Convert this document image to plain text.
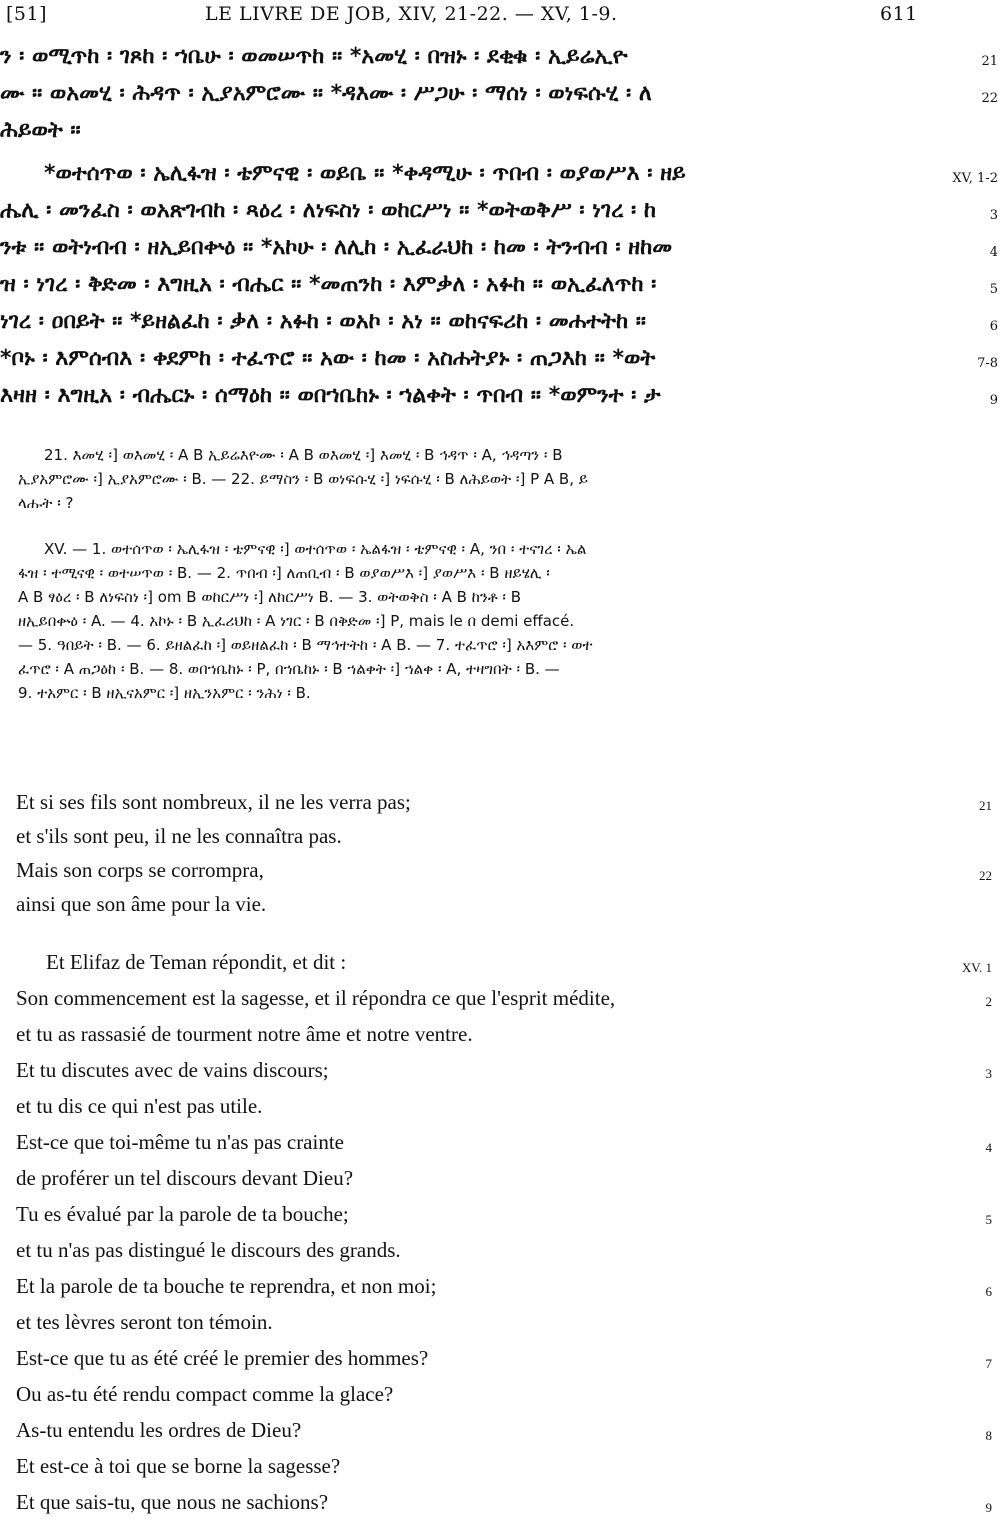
[51]	LE LIVRE DE JOB, XIV, 21-22. — XV, 1-9.	611
ን ፡ ወሚጥከ ፡ ገጾከ ፡ ኀቤሁ ፡ ወመሠጥከ ። *አመሂ ፡ በዝኑ ፡ ደቂቁ ፡ ኢይሬኢዮ	21
ሙ ። ወአመሂ ፡ ሕዳጥ ፡ ኢያአምሮሙ ። *ዳእሙ ፡ ሥጋሁ ፡ ማሰነ ፡ ወነፍሱሂ ፡ ለ	22
ሕይወት ።
*ወተሰጥወ ፡ ኤሊፋዝ ፡ ቴምናዊ ፡ ወይቤ ። *ቀዳሚሁ ፡ ጥበብ ፡ ወያወሥእ ፡ ዘይ	XV, 1-2
ሔሊ ፡ መንፈስ ፡ ወአጽገብከ ፡ ጻዕረ ፡ ለነፍስነ ፡ ወከርሥነ ። *ወትወቅሥ ፡ ነገረ ፡ ከ	3
ንቱ ። ወትነብብ ፡ ዘኢይበቍዕ ። *አኮሁ ፡ ለሊከ ፡ ኢፈራህከ ፡ ከመ ፡ ትንብብ ፡ ዘከመ	4
ዝ ፡ ነገረ ፡ ቅድመ ፡ እግዚአ ፡ ብሔር ። *መጠንከ ፡ እምቃለ ፡ አፉከ ። ወኢፈለጥከ ፡	5
ነገረ ፡ ዐበይት ። *ይዘልፈከ ፡ ቃለ ፡ አፉከ ፡ ወአኮ ፡ አነ ። ወከናፍሪከ ፡ መሐተትከ ።	6
*ቦኑ ፡ እምሰብእ ፡ ቀደምከ ፡ ተፈጥሮ ። አው ፡ ከመ ፡ አስሐትያኑ ፡ ጠጋእከ ። *ወት	7-8
እዛዘ ፡ እግዚአ ፡ ብሔርኑ ፡ ሰማዕከ ። ወበኀቤከኑ ፡ ኀልቀት ፡ ጥበብ ። *ወምንተ ፡ ታ	9
21. እመሂ ፡] ወእመሂ ፡ A B ኢይሬእዮሙ ፡ A B ወእመሂ ፡] እመሂ ፡ B ኅዳጥ ፡ A, ኅዳጣን ፡ B
ኢያአምሮሙ ፡] ኢያአምሮሙ ፡ B. — 22. ይማስን ፡ B ወነፍሱሂ ፡] ነፍሱሂ ፡ B ለሕይወት ፡] P A B, ይ
ላሑት ፡ ?
XV. — 1. ወተሰጥወ ፡ ኤሊፋዝ ፡ ቴምናዊ ፡] ወተሰጥወ ፡ ኤልፋዝ ፡ ቴምናዊ ፡ A, ንበ ፡ ተናገረ ፡ ኤል
ፋዝ ፡ ተሚናዊ ፡ ወተሠጥወ ፡ B. — 2. ጥበብ ፡] ለጠቢብ ፡ B ወያወሥእ ፡] ያወሥእ ፡ B ዘይሄሊ ፡
A B ፃዕረ ፡ B ለነፍስነ ፡] om B ወከርሥነ ፡] ለከርሥነ B. — 3. ወትወቅስ ፡ A B ከንቶ ፡ B
ዘኢይበቍዕ ፡ A. — 4. አኮኑ ፡ B ኢፈሪህከ ፡ A ነገር ፡ B በቅድመ ፡] P, mais le በ demi effacé.
— 5. ዓበይት ፡ B. — 6. ይዘልፈከ ፡] ወይዘልፈከ ፡ B ማኅተትከ ፡ A B. — 7. ተፈጥሮ ፡] አእምሮ ፡ ወተ
ፈጥሮ ፡ A ጠጋዕከ ፡ B. — 8. ወበኀቤከኑ ፡ P, በኀቤከኑ ፡ B ኀልቀት ፡] ኀልቀ ፡ A, ተዛግበት ፡ B. —
9. ተአምር ፡ B ዘኢናአምር ፡] ዘኢንአምር ፡ ንሕነ ፡ B.
Et si ses fils sont nombreux, il ne les verra pas;	21
et s'ils sont peu, il ne les connaîtra pas.
Mais son corps se corrompra,	22
ainsi que son âme pour la vie.
Et Elifaz de Teman répondit, et dit :	XV. 1
Son commencement est la sagesse, et il répondra ce que l'esprit médite,	2
et tu as rassasié de tourment notre âme et notre ventre.
Et tu discutes avec de vains discours;	3
et tu dis ce qui n'est pas utile.
Est-ce que toi-même tu n'as pas crainte	4
de proférer un tel discours devant Dieu?
Tu es évalué par la parole de ta bouche;	5
et tu n'as pas distingué le discours des grands.
Et la parole de ta bouche te reprendra, et non moi;	6
et tes lèvres seront ton témoin.
Est-ce que tu as été créé le premier des hommes?	7
Ou as-tu été rendu compact comme la glace?
As-tu entendu les ordres de Dieu?	8
Et est-ce à toi que se borne la sagesse?
Et que sais-tu, que nous ne sachions?	9
